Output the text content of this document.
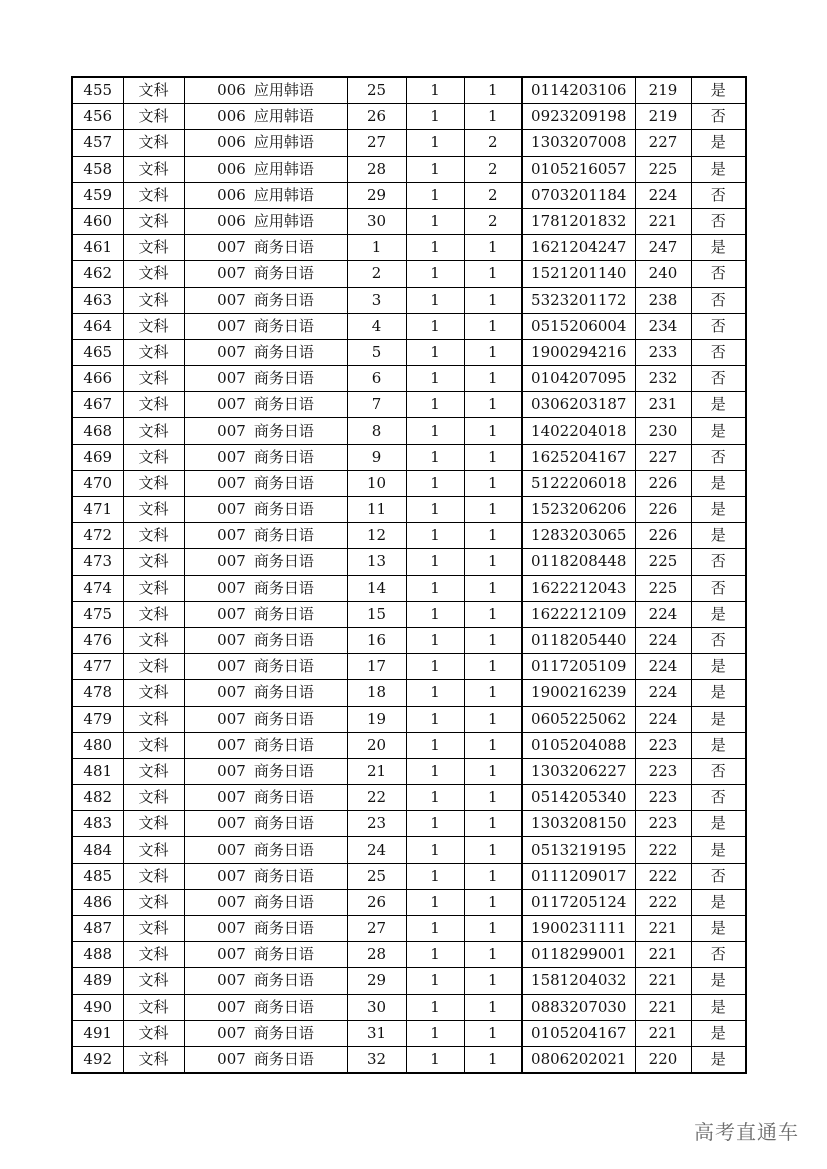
455	文科	006 应用韩语	25	1	1	0114203106	219	是
456	文科	006 应用韩语	26	1	1	0923209198	219	否
457	文科	006 应用韩语	27	1	2	1303207008	227	是
458	文科	006 应用韩语	28	1	2	0105216057	225	是
459	文科	006 应用韩语	29	1	2	0703201184	224	否
460	文科	006 应用韩语	30	1	2	1781201832	221	否
461	文科	007 商务日语	1	1	1	1621204247	247	是
462	文科	007 商务日语	2	1	1	1521201140	240	否
463	文科	007 商务日语	3	1	1	5323201172	238	否
464	文科	007 商务日语	4	1	1	0515206004	234	否
465	文科	007 商务日语	5	1	1	1900294216	233	否
466	文科	007 商务日语	6	1	1	0104207095	232	否
467	文科	007 商务日语	7	1	1	0306203187	231	是
468	文科	007 商务日语	8	1	1	1402204018	230	是
469	文科	007 商务日语	9	1	1	1625204167	227	否
470	文科	007 商务日语	10	1	1	5122206018	226	是
471	文科	007 商务日语	11	1	1	1523206206	226	是
472	文科	007 商务日语	12	1	1	1283203065	226	是
473	文科	007 商务日语	13	1	1	0118208448	225	否
474	文科	007 商务日语	14	1	1	1622212043	225	否
475	文科	007 商务日语	15	1	1	1622212109	224	是
476	文科	007 商务日语	16	1	1	0118205440	224	否
477	文科	007 商务日语	17	1	1	0117205109	224	是
478	文科	007 商务日语	18	1	1	1900216239	224	是
479	文科	007 商务日语	19	1	1	0605225062	224	是
480	文科	007 商务日语	20	1	1	0105204088	223	是
481	文科	007 商务日语	21	1	1	1303206227	223	否
482	文科	007 商务日语	22	1	1	0514205340	223	否
483	文科	007 商务日语	23	1	1	1303208150	223	是
484	文科	007 商务日语	24	1	1	0513219195	222	是
485	文科	007 商务日语	25	1	1	0111209017	222	否
486	文科	007 商务日语	26	1	1	0117205124	222	是
487	文科	007 商务日语	27	1	1	1900231111	221	是
488	文科	007 商务日语	28	1	1	0118299001	221	否
489	文科	007 商务日语	29	1	1	1581204032	221	是
490	文科	007 商务日语	30	1	1	0883207030	221	是
491	文科	007 商务日语	31	1	1	0105204167	221	是
492	文科	007 商务日语	32	1	1	0806202021	220	是
高考直通车
